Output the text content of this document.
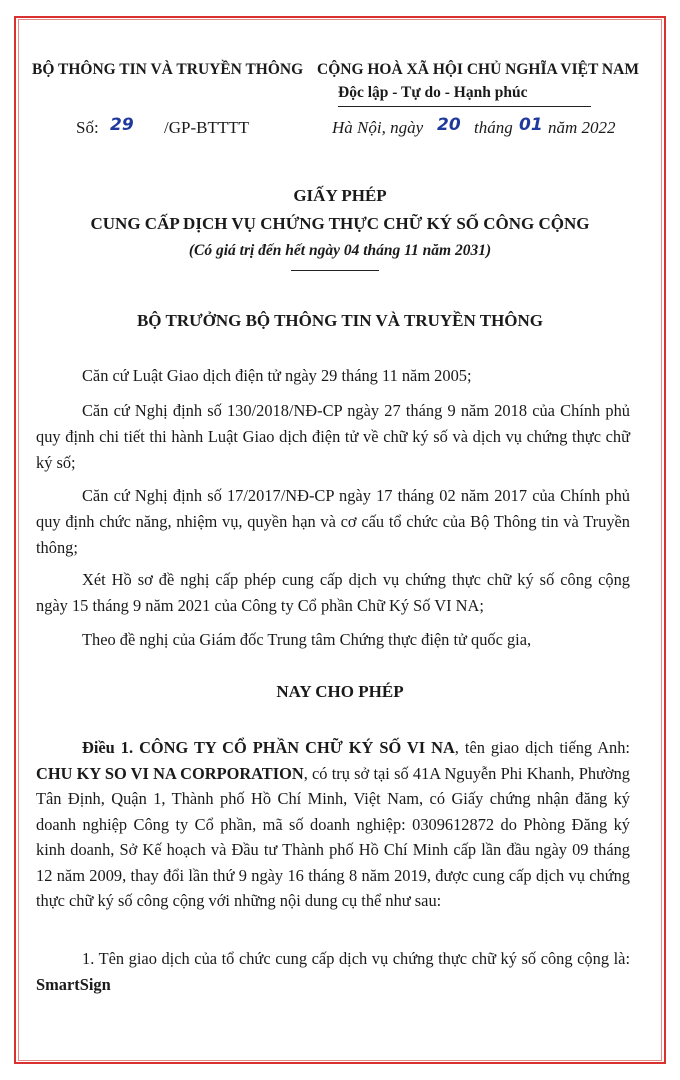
BỘ THÔNG TIN VÀ TRUYỀN THÔNG CỘNG HOÀ XÃ HỘI CHỦ NGHĨA VIỆT NAM
Độc lập - Tự do - Hạnh phúc
Số: 29 /GP-BTTTT	Hà Nội, ngày 20 tháng 01 năm 2022
GIẤY PHÉP
CUNG CẤP DỊCH VỤ CHỨNG THỰC CHỮ KÝ SỐ CÔNG CỘNG
(Có giá trị đến hết ngày 04 tháng 11 năm 2031)
BỘ TRƯỞNG BỘ THÔNG TIN VÀ TRUYỀN THÔNG
Căn cứ Luật Giao dịch điện tử ngày 29 tháng 11 năm 2005;
Căn cứ Nghị định số 130/2018/NĐ-CP ngày 27 tháng 9 năm 2018 của Chính phủ quy định chi tiết thi hành Luật Giao dịch điện tử về chữ ký số và dịch vụ chứng thực chữ ký số;
Căn cứ Nghị định số 17/2017/NĐ-CP ngày 17 tháng 02 năm 2017 của Chính phủ quy định chức năng, nhiệm vụ, quyền hạn và cơ cấu tổ chức của Bộ Thông tin và Truyền thông;
Xét Hồ sơ đề nghị cấp phép cung cấp dịch vụ chứng thực chữ ký số công cộng ngày 15 tháng 9 năm 2021 của Công ty Cổ phần Chữ Ký Số VI NA;
Theo đề nghị của Giám đốc Trung tâm Chứng thực điện tử quốc gia,
NAY CHO PHÉP
Điều 1. CÔNG TY CỔ PHẦN CHỮ KÝ SỐ VI NA, tên giao dịch tiếng Anh: CHU KY SO VI NA CORPORATION, có trụ sở tại số 41A Nguyễn Phi Khanh, Phường Tân Định, Quận 1, Thành phố Hồ Chí Minh, Việt Nam, có Giấy chứng nhận đăng ký doanh nghiệp Công ty Cổ phần, mã số doanh nghiệp: 0309612872 do Phòng Đăng ký kinh doanh, Sở Kế hoạch và Đầu tư Thành phố Hồ Chí Minh cấp lần đầu ngày 09 tháng 12 năm 2009, thay đổi lần thứ 9 ngày 16 tháng 8 năm 2019, được cung cấp dịch vụ chứng thực chữ ký số công cộng với những nội dung cụ thể như sau:
1. Tên giao dịch của tổ chức cung cấp dịch vụ chứng thực chữ ký số công cộng là: SmartSign
